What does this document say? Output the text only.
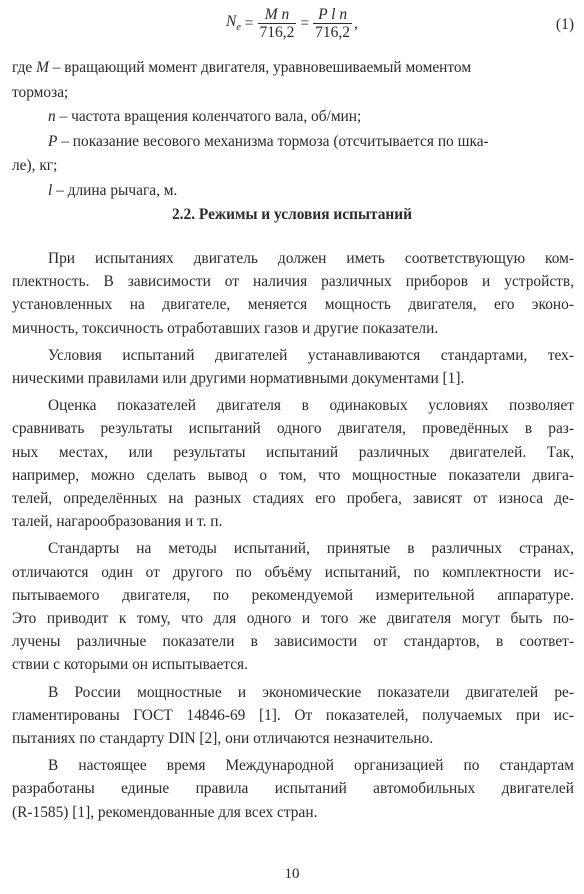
$N_e = \frac{\text{M n}}{716,2} = \frac{\text{P l n}}{716,2}$ ,	(1)
где M – вращающий момент двигателя, уравновешиваемый моментом
тормоза;
n – частота вращения коленчатого вала, об/мин;
P – показание весового механизма тормоза (отсчитывается по шка-
ле), кг;
l – длина рычага, м.
2.2. Режимы и условия испытаний
При испытаниях двигатель должен иметь соответствующую ком-
плектность. В зависимости от наличия различных приборов и устройств,
установленных на двигателе, меняется мощность двигателя, его эконо-
мичность, токсичность отработавших газов и другие показатели.
Условия испытаний двигателей устанавливаются стандартами, тех-
ническими правилами или другими нормативными документами [1].
Оценка показателей двигателя в одинаковых условиях позволяет
сравнивать результаты испытаний одного двигателя, проведённых в раз-
ных местах, или результаты испытаний различных двигателей. Так,
например, можно сделать вывод о том, что мощностные показатели двига-
телей, определённых на разных стадиях его пробега, зависят от износа де-
талей, нагарообразования и т. п.
Стандарты на методы испытаний, принятые в различных странах,
отличаются один от другого по объёму испытаний, по комплектности ис-
пытываемого двигателя, по рекомендуемой измерительной аппаратуре.
Это приводит к тому, что для одного и того же двигателя могут быть по-
лучены различные показатели в зависимости от стандартов, в соответ-
ствии с которыми он испытывается.
В России мощностные и экономические показатели двигателей ре-
гламентированы ГОСТ 14846-69 [1]. От показателей, получаемых при ис-
пытаниях по стандарту DIN [2], они отличаются незначительно.
В настоящее время Международной организацией по стандартам
разработаны единые правила испытаний автомобильных двигателей
(R-1585) [1], рекомендованные для всех стран.
10
